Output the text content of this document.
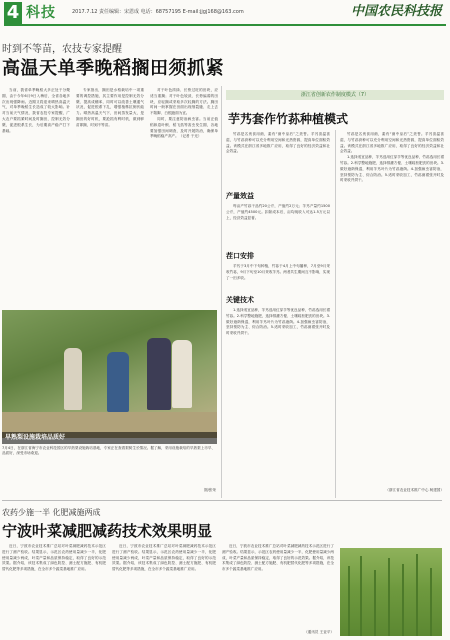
4 科技	2017.7.12 责任编辑：宋恩成 电话：68757195 E-mail:jjgj168@163.com	中国农民科技报
时到不等苗，农技专家提醒
高温天单季晚稻搁田须抓紧

当前，我省单季晚稻大多正处于分蘖期，由于今年6月9日入梅后，全省各地多次出现强降雨。近期又将迎来晴热高温天气，对单季晚稻生长造成了较大影响。针对当前天气情况，我省农技专家提醒，广大农户要抓紧时间及时搁田，控制无效分蘖，促进根系生长，为后期高产稳产打下基础。

专家指出，搁田是水稻栽培中一项重要的调控措施，其主要作用是控制无效分蘖、提高成穗率，同时可以改善土壤通气状况，促进根系下扎，增强植株抗倒伏能力。晴热高温天气下，田间蒸发量大，是搁田的好时机，要抢抓有利时机，做到够苗即搁，时到不等苗。

对于叶色浓绿、长势过旺的田块，应适当重搁；对于叶色较淡、长势偏弱的田块，应轻搁或采取多次轻搁的方法。搁田时间一般掌握在田面出现细裂缝、走上去不陷脚、白根跑面为宜。

同时，要注意防治病虫害。当前正值稻纵卷叶螟、稻飞虱等害虫发生期，各地要加强田间调查，及时开展防治，确保单季晚稻稳产高产。（记者 于光）

早熟梨设施栽培品质好
7月4日，在浙江省海宁市农业科技园区的早熟梨设施栽培基地，专家正在查看梨树生长情况。据了解，采用设施栽培的早熟梨上市早、品质好，深受市场欢迎。
图/张荣
浙江省创新农作制度模式（7）
芋艿套作竹荪种植模式

竹荪是名贵食用菌，素有“菌中皇后”之美誉。芋艿喜温喜湿，与竹荪套种可以充分利用空间和光热资源，提高单位面积效益。该模式在浙江省多地推广应用，取得了良好的经济效益和社会效益。

产量效益

每亩产竹荪干品约20公斤，产值约2万元；芋艿产量约1500公斤，产值约4500元。扣除成本后，亩均纯收入可达1.5万元以上，经济效益显著。

茬口安排

芋艿于3月中下旬种植，竹荪于4月上中旬播种，7月至9月采收竹荪，9月下旬至10月采收芋艿。两者共生期间互不影响，实现了一田多收。

关键技术

1.选择适宜品种，芋艿选用红芽芋等优良品种，竹荪选用长裙竹荪。2.科学整地施肥，选择排灌方便、土壤疏松肥沃的田块。3.做好遮荫保湿，利用芋艿叶片为竹荪遮荫。4.加强病虫害防治，坚持预防为主、综合防治。5.适时采收加工，竹荪菌裙张开时及时采收并烘干。

竹荪是名贵食用菌，素有“菌中皇后”之美誉。芋艿喜温喜湿，与竹荪套种可以充分利用空间和光热资源，提高单位面积效益。该模式在浙江省多地推广应用，取得了良好的经济效益和社会效益。

1.选择适宜品种，芋艿选用红芽芋等优良品种，竹荪选用长裙竹荪。2.科学整地施肥，选择排灌方便、土壤疏松肥沃的田块。3.做好遮荫保湿，利用芋艿叶片为竹荪遮荫。4.加强病虫害防治，坚持预防为主、综合防治。5.适时采收加工，竹荪菌裙张开时及时采收并烘干。

（浙江省农业技术推广中心 柯建国）
农药少施一半 化肥减施两成
宁波叶菜减肥减药技术效果明显

近日，宁波市农业技术推广总站对叶菜减肥减药技术示范区进行了测产验收。结果显示，示范区农药使用量减少一半，化肥使用量减少两成，叶菜产量和品质保持稳定，取得了良好的示范效果。据介绍，该技术集成了绿色防控、测土配方施肥、有机肥替代化肥等多项措施，在全市多个蔬菜基地推广应用。

近日，宁波市农业技术推广总站对叶菜减肥减药技术示范区进行了测产验收。结果显示，示范区农药使用量减少一半，化肥使用量减少两成，叶菜产量和品质保持稳定，取得了良好的示范效果。据介绍，该技术集成了绿色防控、测土配方施肥、有机肥替代化肥等多项措施，在全市多个蔬菜基地推广应用。

近日，宁波市农业技术推广总站对叶菜减肥减药技术示范区进行了测产验收。结果显示，示范区农药使用量减少一半，化肥使用量减少两成，叶菜产量和品质保持稳定，取得了良好的示范效果。据介绍，该技术集成了绿色防控、测土配方施肥、有机肥替代化肥等多项措施，在全市多个蔬菜基地推广应用。

（通讯员 王亚平）
